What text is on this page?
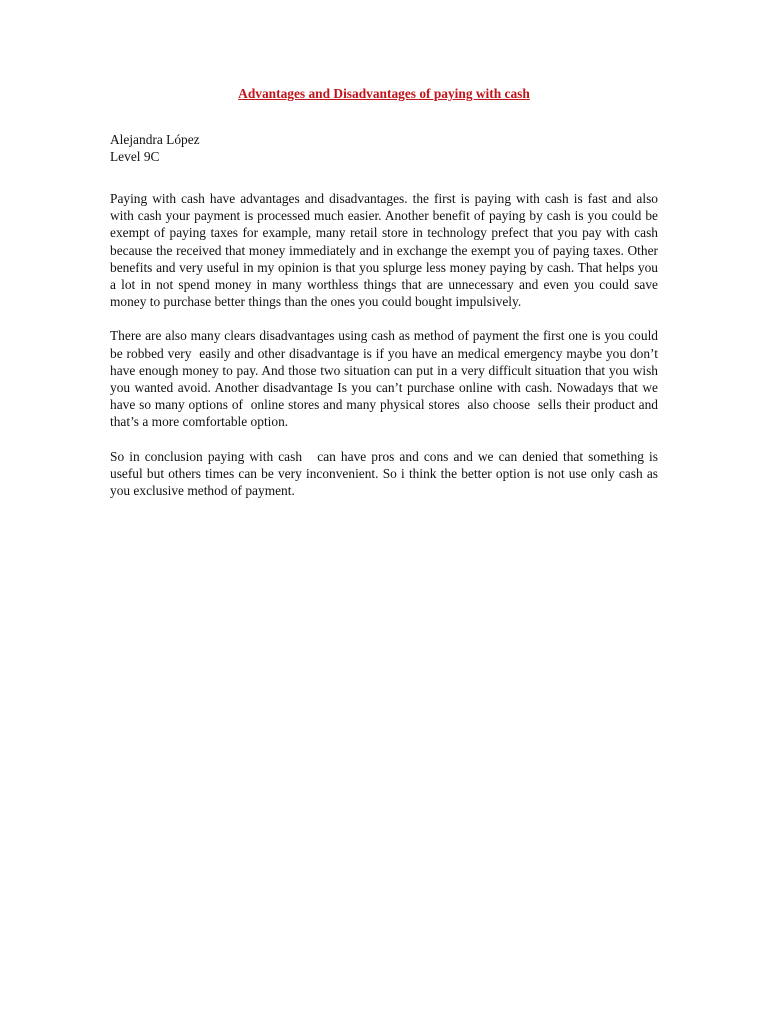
Advantages and Disadvantages of paying with cash
Alejandra López
Level 9C

Paying with cash have advantages and disadvantages. the first is paying with cash is fast and also with cash your payment is processed much easier. Another benefit of paying by cash is you could be exempt of paying taxes for example, many retail store in technology prefect that you pay with cash because the received that money immediately and in exchange the exempt you of paying taxes. Other benefits and very useful in my opinion is that you splurge less money paying by cash. That helps you a lot in not spend money in many worthless things that are unnecessary and even you could save money to purchase better things than the ones you could bought impulsively.

There are also many clears disadvantages using cash as method of payment the first one is you could be robbed very  easily and other disadvantage is if you have an medical emergency maybe you don’t have enough money to pay. And those two situation can put in a very difficult situation that you wish you wanted avoid. Another disadvantage Is you can’t purchase online with cash. Nowadays that we have so many options of  online stores and many physical stores  also choose  sells their product and that’s a more comfortable option.

So in conclusion paying with cash   can have pros and cons and we can denied that something is useful but others times can be very inconvenient. So i think the better option is not use only cash as you exclusive method of payment.
